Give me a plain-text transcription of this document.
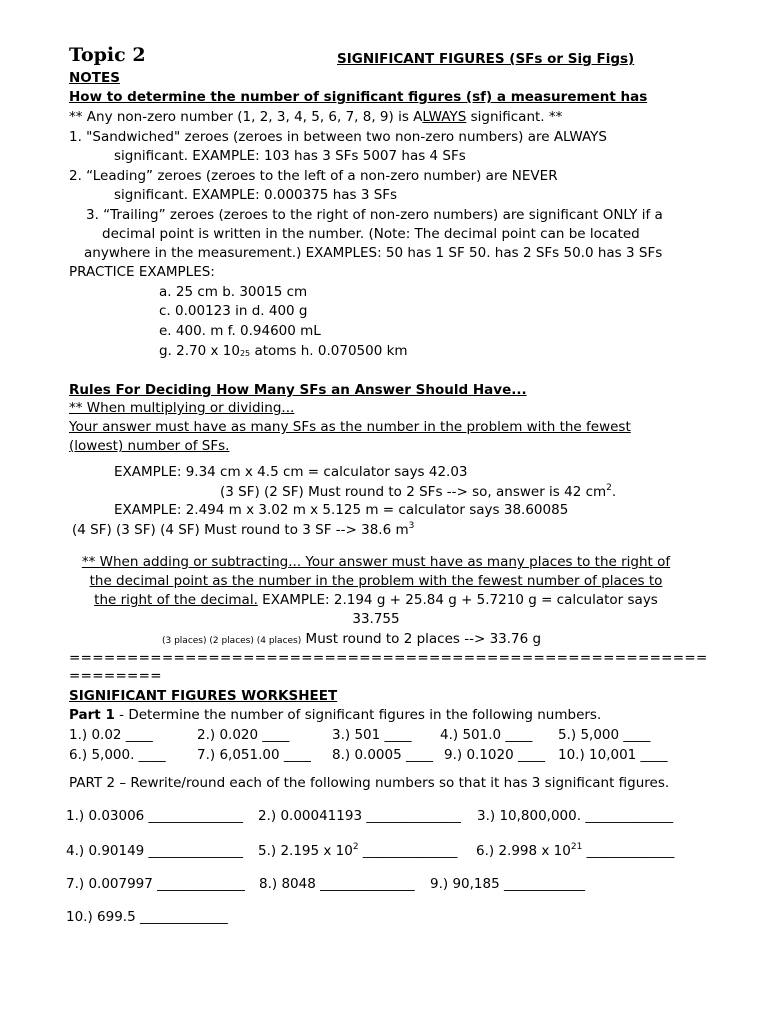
Topic 2	SIGNIFICANT FIGURES (SFs or Sig Figs)
NOTES
How to determine the number of significant figures (sf) a measurement has
** Any non-zero number (1, 2, 3, 4, 5, 6, 7, 8, 9) is ALWAYS significant. **
1. "Sandwiched" zeroes (zeroes in between two non-zero numbers) are ALWAYS
significant. EXAMPLE: 103 has 3 SFs 5007 has 4 SFs
2. “Leading” zeroes (zeroes to the left of a non-zero number) are NEVER
significant. EXAMPLE: 0.000375 has 3 SFs
3. “Trailing” zeroes (zeroes to the right of non-zero numbers) are significant ONLY if a
decimal point is written in the number. (Note: The decimal point can be located
anywhere in the measurement.) EXAMPLES: 50 has 1 SF 50. has 2 SFs 50.0 has 3 SFs
PRACTICE EXAMPLES:
a. 25 cm b. 30015 cm
c. 0.00123 in d. 400 g
e. 400. m f. 0.94600 mL
g. 2.70 x $10_{25}$ atoms h. 0.070500 km
Rules For Deciding How Many SFs an Answer Should Have...
** When multiplying or dividing...
Your answer must have as many SFs as the number in the problem with the fewest
(lowest) number of SFs.
EXAMPLE: 9.34 cm x 4.5 cm = calculator says 42.03
(3 SF) (2 SF) Must round to 2 SFs --> so, answer is 42 $cm^2$.
EXAMPLE: 2.494 m x 3.02 m x 5.125 m = calculator says 38.60085
(4 SF) (3 SF) (4 SF) Must round to 3 SF --> 38.6 $m^3$
** When adding or subtracting... Your answer must have as many places to the right of
the decimal point as the number in the problem with the fewest number of places to
the right of the decimal. EXAMPLE: 2.194 g + 25.84 g + 5.7210 g = calculator says
33.755
(3 places) (2 places) (4 places) Must round to 2 places --> 33.76 g
=======================================================
========
SIGNIFICANT FIGURES WORKSHEET
Part 1 - Determine the number of significant figures in the following numbers.
1.) 0.02 ____	2.) 0.020 ____	3.) 501 ____ 4.) 501.0 ____ 5.) 5,000 ____
6.) 5,000. ____ 7.) 6,051.00 ____ 8.) 0.0005 ____ 9.) 0.1020 ____ 10.) 10,001 ____
PART 2 – Rewrite/round each of the following numbers so that it has 3 significant figures.
1.) 0.03006 ______________ 2.) 0.00041193 ______________ 3.) 10,800,000. _____________
4.) 0.90149 ______________ 5.) 2.195 x $10^2$ ______________ 6.) 2.998 x $10^{21}$ _____________
7.) 0.007997 _____________ 8.) 8048 ______________ 9.) 90,185 ____________
10.) 699.5 _____________
